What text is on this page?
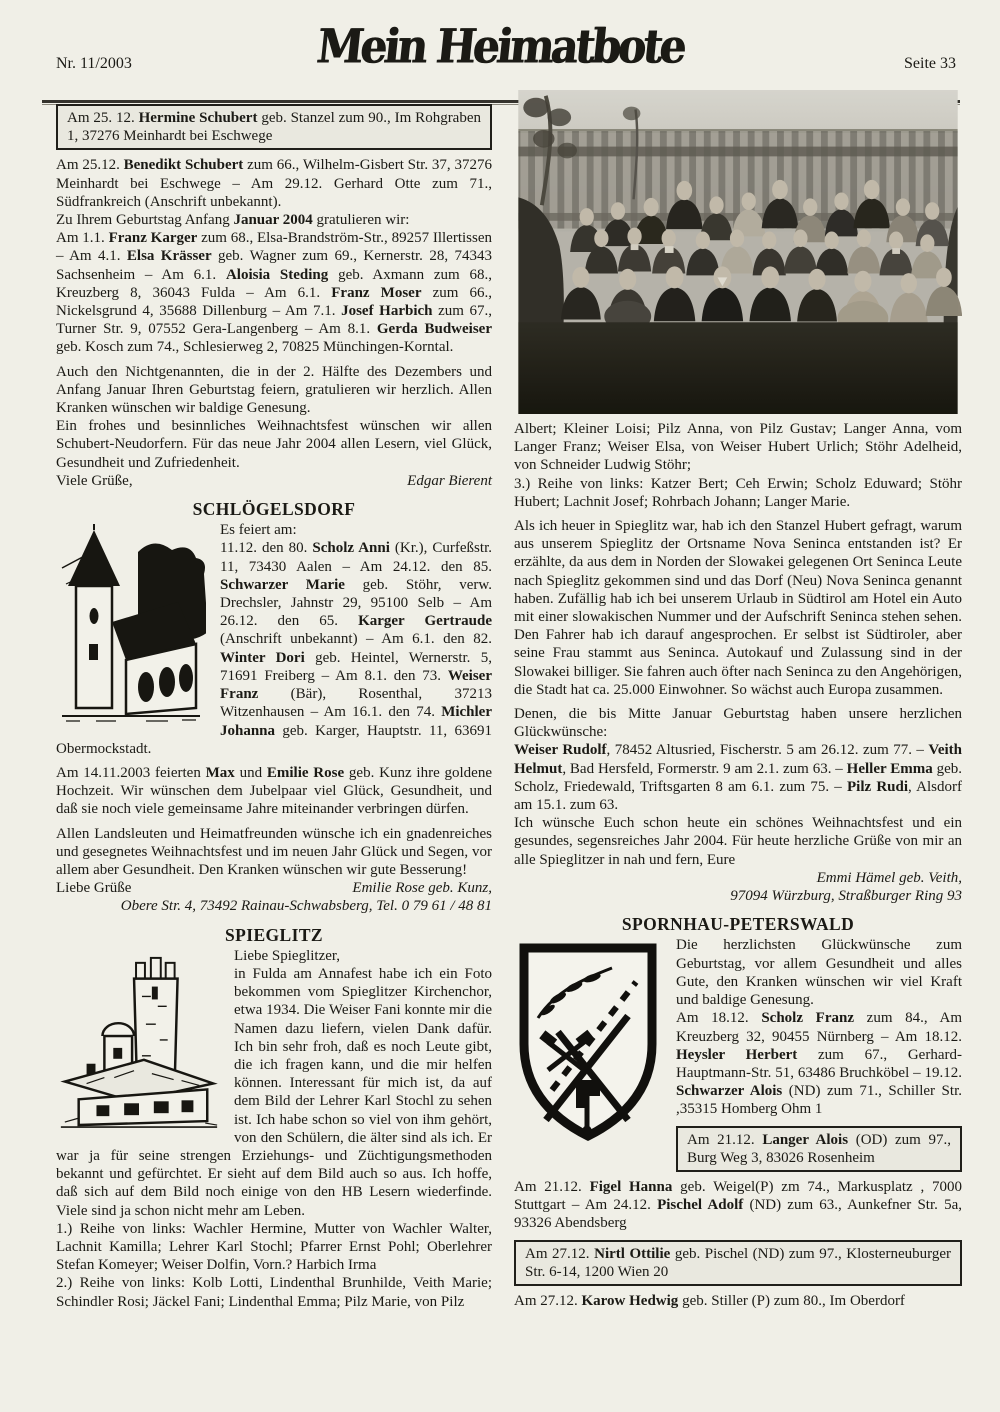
Nr. 11/2003	Mein Heimatbote	Seite 33
Am 25. 12. Hermine Schubert geb. Stanzel zum 90., Im Rohgraben 1, 37276 Meinhardt bei Eschwege

Am 25.12. Benedikt Schubert zum 66., Wilhelm-Gisbert Str. 37, 37276 Meinhardt bei Eschwege – Am 29.12. Gerhard Otte zum 71., Südfrankreich (Anschrift unbekannt).

Zu Ihrem Geburtstag Anfang Januar 2004 gratulieren wir:

Am 1.1. Franz Karger zum 68., Elsa-Brandström-Str., 89257 Illertissen – Am 4.1. Elsa Krässer geb. Wagner zum 69., Kernerstr. 28, 74343 Sachsenheim – Am 6.1. Aloisia Steding geb. Axmann zum 68., Kreuzberg 8, 36043 Fulda – Am 6.1. Franz Moser zum 66., Nickelsgrund 4, 35688 Dillenburg – Am 7.1. Josef Harbich zum 67., Turner Str. 9, 07552 Gera-Langenberg – Am 8.1. Gerda Budweiser geb. Kosch zum 74., Schlesierweg 2, 70825 Münchingen-Korntal.

Auch den Nichtgenannten, die in der 2. Hälfte des Dezembers und Anfang Januar Ihren Geburtstag feiern, gratulieren wir herzlich. Allen Kranken wünschen wir baldige Genesung.

Ein frohes und besinnliches Weihnachtsfest wünschen wir allen Schubert-Neudorfern. Für das neue Jahr 2004 allen Lesern, viel Glück, Gesundheit und Zufriedenheit.

Viele Grüße,	Edgar Bierent
SCHLÖGELSDORF

Es feiert am:

11.12. den 80. Scholz Anni (Kr.), Curfeßstr. 11, 73430 Aalen – Am 24.12. den 85. Schwarzer Marie geb. Stöhr, verw. Drechsler, Jahnstr 29, 95100 Selb – Am 26.12. den 65. Karger Gertraude (Anschrift unbekannt) – Am 6.1. den 82. Winter Dori geb. Heintel, Wernerstr. 5, 71691 Freiberg – Am 8.1. den 73. Weiser Franz (Bär), Rosenthal, 37213 Witzenhausen – Am 16.1. den 74. Michler Johanna geb. Karger, Hauptstr. 11, 63691 Obermockstadt.

Am 14.11.2003 feierten Max und Emilie Rose geb. Kunz ihre goldene Hochzeit. Wir wünschen dem Jubelpaar viel Glück, Gesundheit, und daß sie noch viele gemeinsame Jahre miteinander verbringen dürfen.

Allen Landsleuten und Heimatfreunden wünsche ich ein gnadenreiches und gesegnetes Weihnachtsfest und im neuen Jahr Glück und Segen, vor allem aber Gesundheit. Den Kranken wünschen wir gute Besserung!

Liebe Grüße	Emilie Rose geb. Kunz,
Obere Str. 4, 73492 Rainau-Schwabsberg, Tel. 0 79 61 / 48 81
SPIEGLITZ

Liebe Spieglitzer,

in Fulda am Annafest habe ich ein Foto bekommen vom Spieglitzer Kirchenchor, etwa 1934. Die Weiser Fani konnte mir die Namen dazu liefern, vielen Dank dafür. Ich bin sehr froh, daß es noch Leute gibt, die ich fragen kann, und die mir helfen können. Interessant für mich ist, da auf dem Bild der Lehrer Karl Stochl zu sehen ist. Ich habe schon so viel von ihm gehört, von den Schülern, die älter sind als ich. Er war ja für seine strengen Erziehungs- und Züchtigungsmethoden bekannt und gefürchtet. Er sieht auf dem Bild auch so aus. Ich hoffe, daß sich auf dem Bild noch einige von den HB Lesern wiederfinde. Viele sind ja schon nicht mehr am Leben.

1.) Reihe von links: Wachler Hermine, Mutter von Wachler Walter, Lachnit Kamilla; Lehrer Karl Stochl; Pfarrer Ernst Pohl; Oberlehrer Stefan Komeyer; Weiser Dolfin, Vorn.? Harbich Irma

2.) Reihe von links: Kolb Lotti, Lindenthal Brunhilde, Veith Marie; Schindler Rosi; Jäckel Fani; Lindenthal Emma; Pilz Marie, von Pilz

Albert; Kleiner Loisi; Pilz Anna, von Pilz Gustav; Langer Anna, vom Langer Franz; Weiser Elsa, von Weiser Hubert Urlich; Stöhr Adelheid, von Schneider Ludwig Stöhr;

3.) Reihe von links: Katzer Bert; Ceh Erwin; Scholz Eduward; Stöhr Hubert; Lachnit Josef; Rohrbach Johann; Langer Marie.

Als ich heuer in Spieglitz war, hab ich den Stanzel Hubert gefragt, warum aus unserem Spieglitz der Ortsname Nova Seninca entstanden ist? Er erzählte, da aus dem in Norden der Slowakei gelegenen Ort Seninca Leute nach Spieglitz gekommen sind und das Dorf (Neu) Nova Seninca genannt haben. Zufällig hab ich bei unserem Urlaub in Südtirol am Hotel ein Auto mit einer slowakischen Nummer und der Aufschrift Seninca stehen sehen. Den Fahrer hab ich darauf angesprochen. Er selbst ist Südtiroler, aber seine Frau stammt aus Seninca. Autokauf und Zulassung sind in der Slowakei billiger. Sie fahren auch öfter nach Seninca zu den Angehörigen, die Stadt hat ca. 25.000 Einwohner. So wächst auch Europa zusammen.

Denen, die bis Mitte Januar Geburtstag haben unsere herzlichen Glückwünsche:

Weiser Rudolf, 78452 Altusried, Fischerstr. 5 am 26.12. zum 77. – Veith Helmut, Bad Hersfeld, Formerstr. 9 am 2.1. zum 63. – Heller Emma geb. Scholz, Friedewald, Triftsgarten 8 am 6.1. zum 75. – Pilz Rudi, Alsdorf am 15.1. zum 63.

Ich wünsche Euch schon heute ein schönes Weihnachtsfest und ein gesundes, segensreiches Jahr 2004. Für heute herzliche Grüße von mir an alle Spieglitzer in nah und fern, Eure

Emmi Hämel geb. Veith,
97094 Würzburg, Straßburger Ring 93
SPORNHAU-PETERSWALD

Die herzlichsten Glückwünsche zum Geburtstag, vor allem Gesundheit und alles Gute, den Kranken wünschen wir viel Kraft und baldige Genesung.

Am 18.12. Scholz Franz zum 84., Am Kreuzberg 32, 90455 Nürnberg – Am 18.12. Heysler Herbert zum 67., Gerhard-Hauptmann-Str. 51, 63486 Bruchköbel – 19.12. Schwarzer Alois (ND) zum 71., Schiller Str. ,35315 Homberg Ohm 1

Am 21.12. Langer Alois (OD) zum 97., Burg Weg 3, 83026 Rosenheim

Am 21.12. Figel Hanna geb. Weigel(P) zm 74., Markusplatz , 7000 Stuttgart – Am 24.12. Pischel Adolf (ND) zum 63., Aunkefner Str. 5a, 93326 Abendsberg

Am 27.12. Nirtl Ottilie geb. Pischel (ND) zum 97., Klosterneuburger Str. 6-14, 1200 Wien 20

Am 27.12. Karow Hedwig geb. Stiller (P) zum 80., Im Oberdorf
